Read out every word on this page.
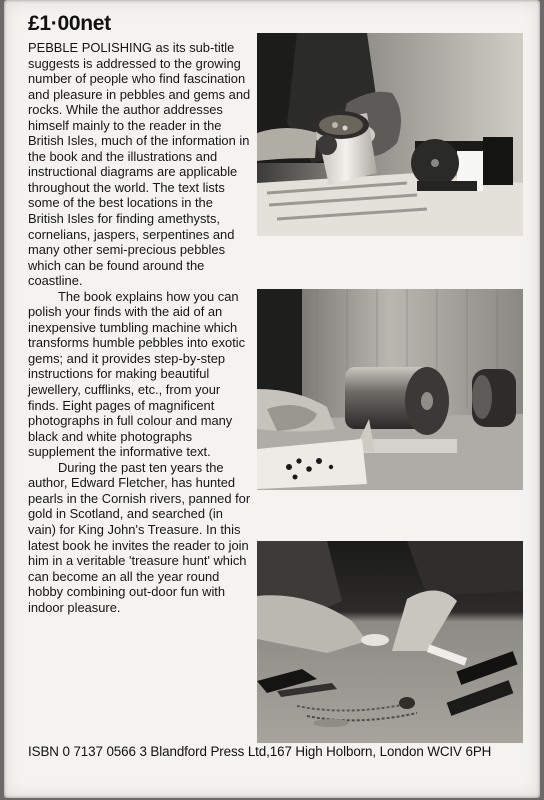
£1·00net

PEBBLE POLISHING as its sub-title suggests is addressed to the growing number of people who find fascination and pleasure in pebbles and gems and rocks. While the author addresses himself mainly to the reader in the British Isles, much of the information in the book and the illustrations and instructional diagrams are applicable throughout the world. The text lists some of the best locations in the British Isles for finding amethysts, cornelians, jaspers, serpentines and many other semi-precious pebbles which can be found around the coastline.

The book explains how you can polish your finds with the aid of an inexpensive tumbling machine which transforms humble pebbles into exotic gems; and it provides step-by-step instructions for making beautiful jewellery, cufflinks, etc., from your finds. Eight pages of magnificent photographs in full colour and many black and white photographs supplement the informative text.

During the past ten years the author, Edward Fletcher, has hunted pearls in the Cornish rivers, panned for gold in Scotland, and searched (in vain) for King John's Treasure. In this latest book he invites the reader to join him in a veritable 'treasure hunt' which can become an all the year round hobby combining out-door fun with indoor pleasure.

ISBN 0 7137 0566 3 Blandford Press Ltd,167 High Holborn, London WCIV 6PH
